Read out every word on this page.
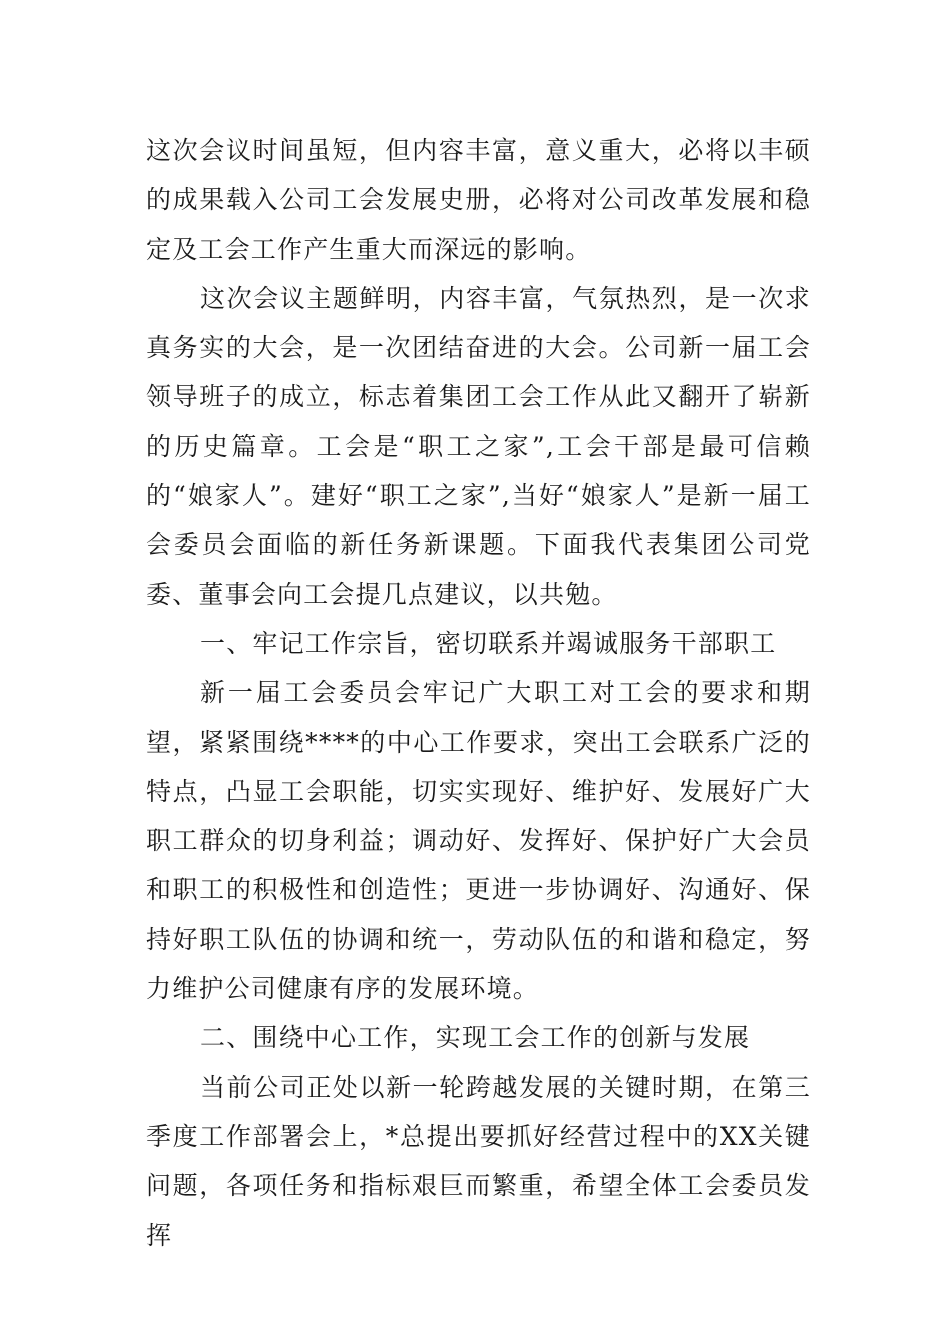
这次会议时间虽短，但内容丰富，意义重大，必将以丰硕的成果载入公司工会发展史册，必将对公司改革发展和稳定及工会工作产生重大而深远的影响。

这次会议主题鲜明，内容丰富，气氛热烈，是一次求真务实的大会，是一次团结奋进的大会。公司新一届工会领导班子的成立，标志着集团工会工作从此又翻开了崭新的历史篇章。工会是“职工之家”,工会干部是最可信赖的“娘家人”。建好“职工之家”,当好“娘家人”是新一届工会委员会面临的新任务新课题。下面我代表集团公司党委、董事会向工会提几点建议，以共勉。

一、牢记工作宗旨，密切联系并竭诚服务干部职工

新一届工会委员会牢记广大职工对工会的要求和期望，紧紧围绕****的中心工作要求，突出工会联系广泛的特点，凸显工会职能，切实实现好、维护好、发展好广大职工群众的切身利益；调动好、发挥好、保护好广大会员和职工的积极性和创造性；更进一步协调好、沟通好、保持好职工队伍的协调和统一，劳动队伍的和谐和稳定，努力维护公司健康有序的发展环境。

二、围绕中心工作，实现工会工作的创新与发展

当前公司正处以新一轮跨越发展的关键时期，在第三季度工作部署会上，*总提出要抓好经营过程中的XX关键问题，各项任务和指标艰巨而繁重，希望全体工会委员发挥
